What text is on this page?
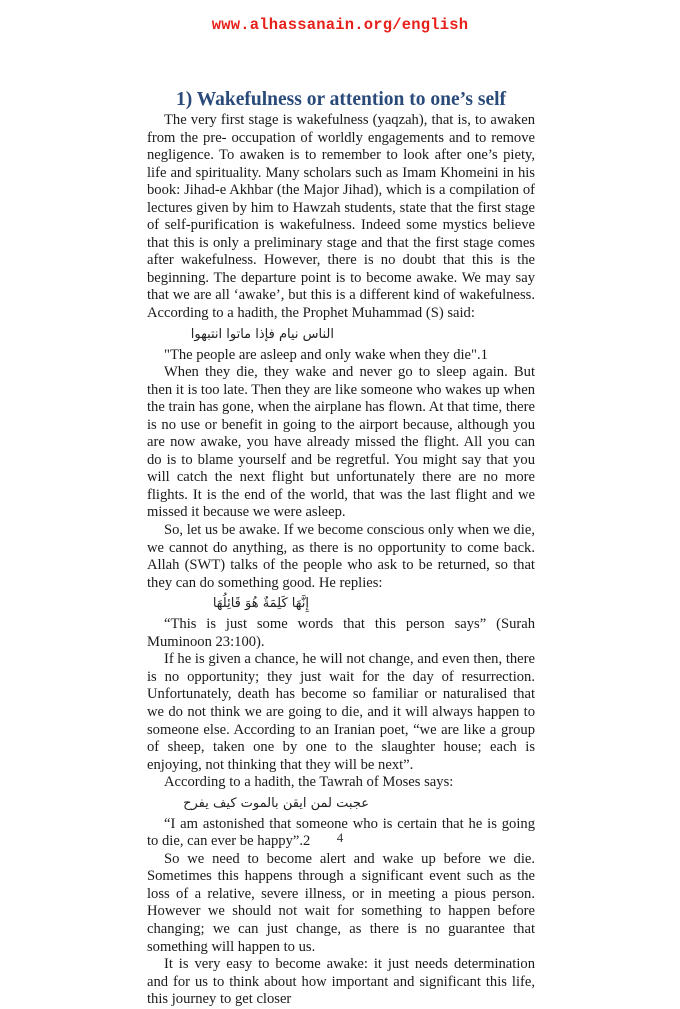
www.alhassanain.org/english
1) Wakefulness or attention to one’s self

The very first stage is wakefulness (yaqzah), that is, to awaken from the pre- occupation of worldly engagements and to remove negligence. To awaken is to remember to look after one’s piety, life and spirituality. Many scholars such as Imam Khomeini in his book: Jihad-e Akhbar (the Major Jihad), which is a compilation of lectures given by him to Hawzah students, state that the first stage of self-purification is wakefulness. Indeed some mystics believe that this is only a preliminary stage and that the first stage comes after wakefulness. However, there is no doubt that this is the beginning. The departure point is to become awake. We may say that we are all ‘awake’, but this is a different kind of wakefulness. According to a hadith, the Prophet Muhammad (S) said:

الناس نيام فإذا ماتوا انتبهوا

"The people are asleep and only wake when they die".1

When they die, they wake and never go to sleep again. But then it is too late. Then they are like someone who wakes up when the train has gone, when the airplane has flown. At that time, there is no use or benefit in going to the airport because, although you are now awake, you have already missed the flight. All you can do is to blame yourself and be regretful. You might say that you will catch the next flight but unfortunately there are no more flights. It is the end of the world, that was the last flight and we missed it because we were asleep.

So, let us be awake. If we become conscious only when we die, we cannot do anything, as there is no opportunity to come back. Allah (SWT) talks of the people who ask to be returned, so that they can do something good. He replies:

إِنَّهَا كَلِمَةٌ هُوَ قَائِلُهَا

“This is just some words that this person says” (Surah Muminoon 23:100).

If he is given a chance, he will not change, and even then, there is no opportunity; they just wait for the day of resurrection. Unfortunately, death has become so familiar or naturalised that we do not think we are going to die, and it will always happen to someone else. According to an Iranian poet, “we are like a group of sheep, taken one by one to the slaughter house; each is enjoying, not thinking that they will be next”.

According to a hadith, the Tawrah of Moses says:

عجبت لمن ايقن بالموت كيف يفرح

“I am astonished that someone who is certain that he is going to die, can ever be happy”.2

So we need to become alert and wake up before we die. Sometimes this happens through a significant event such as the loss of a relative, severe illness, or in meeting a pious person. However we should not wait for something to happen before changing; we can just change, as there is no guarantee that something will happen to us.

It is very easy to become awake: it just needs determination and for us to think about how important and significant this life, this journey to get closer

4
